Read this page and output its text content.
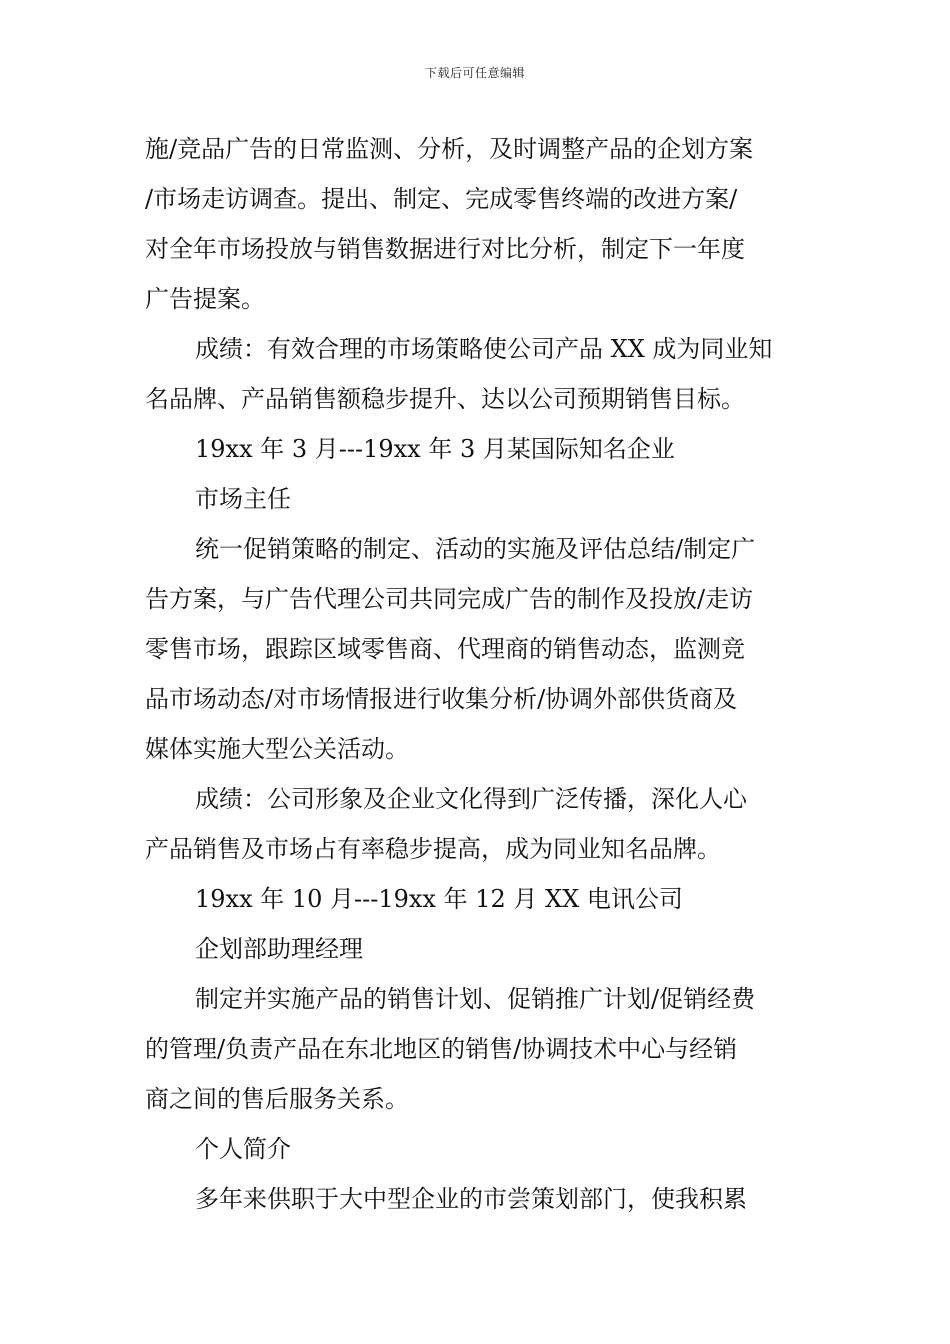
下载后可任意编辑
施/竞品广告的日常监测、分析，及时调整产品的企划方案
/市场走访调查。提出、制定、完成零售终端的改进方案/
对全年市场投放与销售数据进行对比分析，制定下一年度
广告提案。
成绩：有效合理的市场策略使公司产品 XX 成为同业知
名品牌、产品销售额稳步提升、达以公司预期销售目标。
19xx 年 3 月---19xx 年 3 月某国际知名企业
市场主任
统一促销策略的制定、活动的实施及评估总结/制定广
告方案，与广告代理公司共同完成广告的制作及投放/走访
零售市场，跟踪区域零售商、代理商的销售动态，监测竞
品市场动态/对市场情报进行收集分析/协调外部供货商及
媒体实施大型公关活动。
成绩：公司形象及企业文化得到广泛传播，深化人心
产品销售及市场占有率稳步提高，成为同业知名品牌。
19xx 年 10 月---19xx 年 12 月 XX 电讯公司
企划部助理经理
制定并实施产品的销售计划、促销推广计划/促销经费
的管理/负责产品在东北地区的销售/协调技术中心与经销
商之间的售后服务关系。
个人简介
多年来供职于大中型企业的市尝策划部门，使我积累
